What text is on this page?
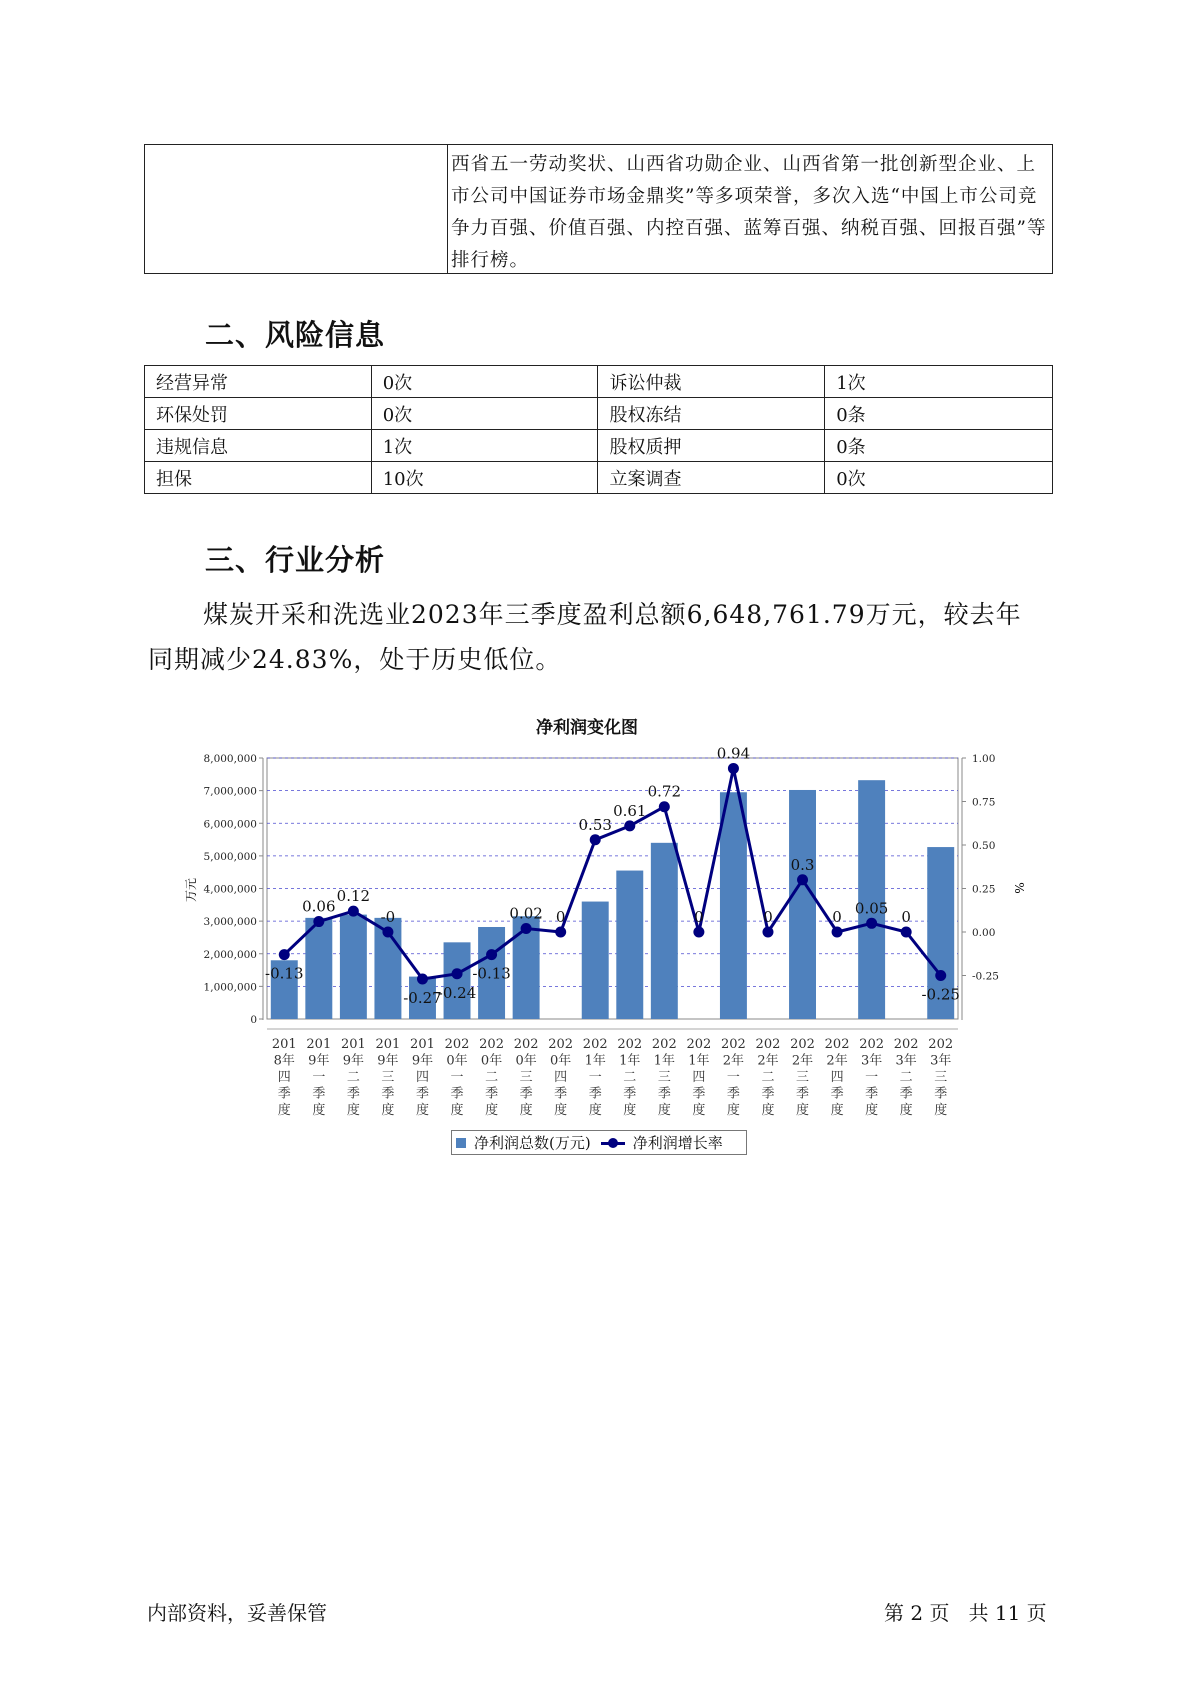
西省五一劳动奖状、山西省功勋企业、山西省第一批创新型企业、上
市公司中国证券市场金鼎奖”等多项荣誉，多次入选“中国上市公司竞
争力百强、价值百强、内控百强、蓝筹百强、纳税百强、回报百强”等
排行榜。
二、风险信息
经营异常	0次	诉讼仲裁	1次
环保处罚	0次	股权冻结	0条
违规信息	1次	股权质押	0条
担保	10次	立案调查	0次
三、行业分析
煤炭开采和洗选业2023年三季度盈利总额6,648,761.79万元，较去年
同期减少24.83%，处于历史低位。
净利润变化图
0
1,000,000
2,000,000
3,000,000
4,000,000
5,000,000
6,000,000
7,000,000
8,000,000
-0.25
0.00
0.25
0.50
0.75
1.00
万元	%
-0.13
0.06
0.12
-0
-0.27
-0.24
-0.13
0.02 0
0.53
0.61
0.72
0
0.94
0
0.3
0 0.05 0
-0.25
201
8年
四
季
度
201
9年
一
季
度
201
9年
二
季
度
201
9年
三
季
度
201
9年
四
季
度
202
0年
一
季
度
202
0年
二
季
度
202
0年
三
季
度
202
0年
四
季
度
202
1年
一
季
度
202
1年
二
季
度
202
1年
三
季
度
202
1年
四
季
度
202
2年
一
季
度
202
2年
二
季
度
202
2年
三
季
度
202
2年
四
季
度
202
3年
一
季
度
202
3年
二
季
度
202
3年
三
季
度
净利润总数(万元)	净利润增长率
内部资料，妥善保管	第 2 页   共 11 页
